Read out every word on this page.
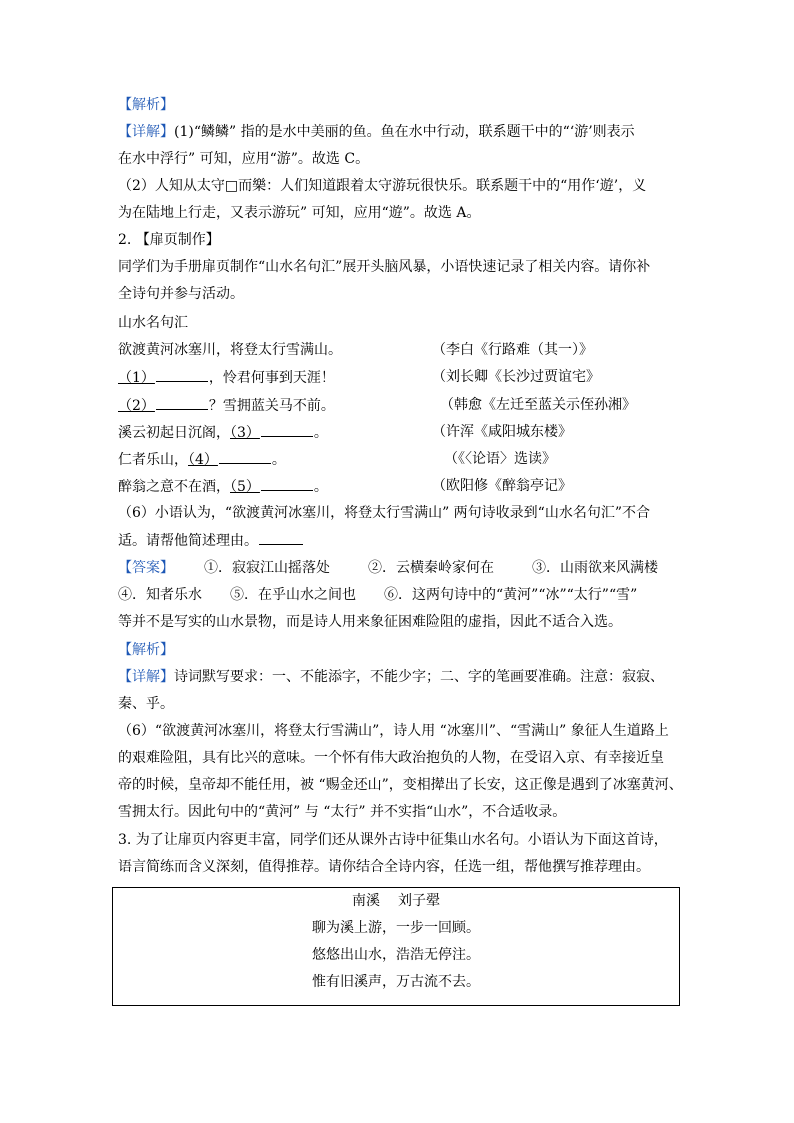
【解析】
【详解】(1)“鳞鳞” 指的是水中美丽的鱼。鱼在水中行动，联系题干中的“‘游’则表示
在水中浮行” 可知，应用“游”。故选 C。
（2）人知从太守□而樂：人们知道跟着太守游玩很快乐。联系题干中的“用作‘遊’，义
为在陆地上行走，又表示游玩” 可知，应用“遊”。故选 A。
2. 【扉页制作】
同学们为手册扉页制作“山水名句汇”展开头脑风暴，小语快速记录了相关内容。请你补
全诗句并参与活动。
山水名句汇
欲渡黄河冰塞川，将登太行雪满山。	（李白《行路难（其一）》
（1）	，怜君何事到天涯！	（刘长卿《长沙过贾谊宅》
（2）	？雪拥蓝关马不前。	（韩愈《左迁至蓝关示侄孙湘》
溪云初起日沉阁，（3）	。	（许浑《咸阳城东楼》
仁者乐山，（4）	。	（《〈论语〉选读》
醉翁之意不在酒，（5）	。	（欧阳修《醉翁亭记》
（6）小语认为，“欲渡黄河冰塞川，将登太行雪满山” 两句诗收录到“山水名句汇”不合
适。请帮他简述理由。
【答案】 ①．寂寂江山摇落处	②．云横秦岭家何在	③．山雨欲来风满楼
④．知者乐水 ⑤．在乎山水之间也 ⑥．这两句诗中的“黄河”“冰”“太行”“雪”
等并不是写实的山水景物，而是诗人用来象征困难险阻的虚指，因此不适合入选。
【解析】
【详解】诗词默写要求：一、不能添字，不能少字；二、字的笔画要准确。注意：寂寂、
秦、乎。
（6）“欲渡黄河冰塞川，将登太行雪满山”，诗人用 “冰塞川”、“雪满山” 象征人生道路上
的艰难险阻，具有比兴的意味。一个怀有伟大政治抱负的人物，在受诏入京、有幸接近皇
帝的时候，皇帝却不能任用，被 “赐金还山”，变相撵出了长安，这正像是遇到了冰塞黄河、
雪拥太行。因此句中的“黄河” 与 “太行” 并不实指“山水”，不合适收录。
3. 为了让扉页内容更丰富，同学们还从课外古诗中征集山水名句。小语认为下面这首诗，
语言简练而含义深刻，值得推荐。请你结合全诗内容，任选一组，帮他撰写推荐理由。
南溪 刘子翚
聊为溪上游，一步一回顾。
悠悠出山水，浩浩无停注。
惟有旧溪声，万古流不去。
